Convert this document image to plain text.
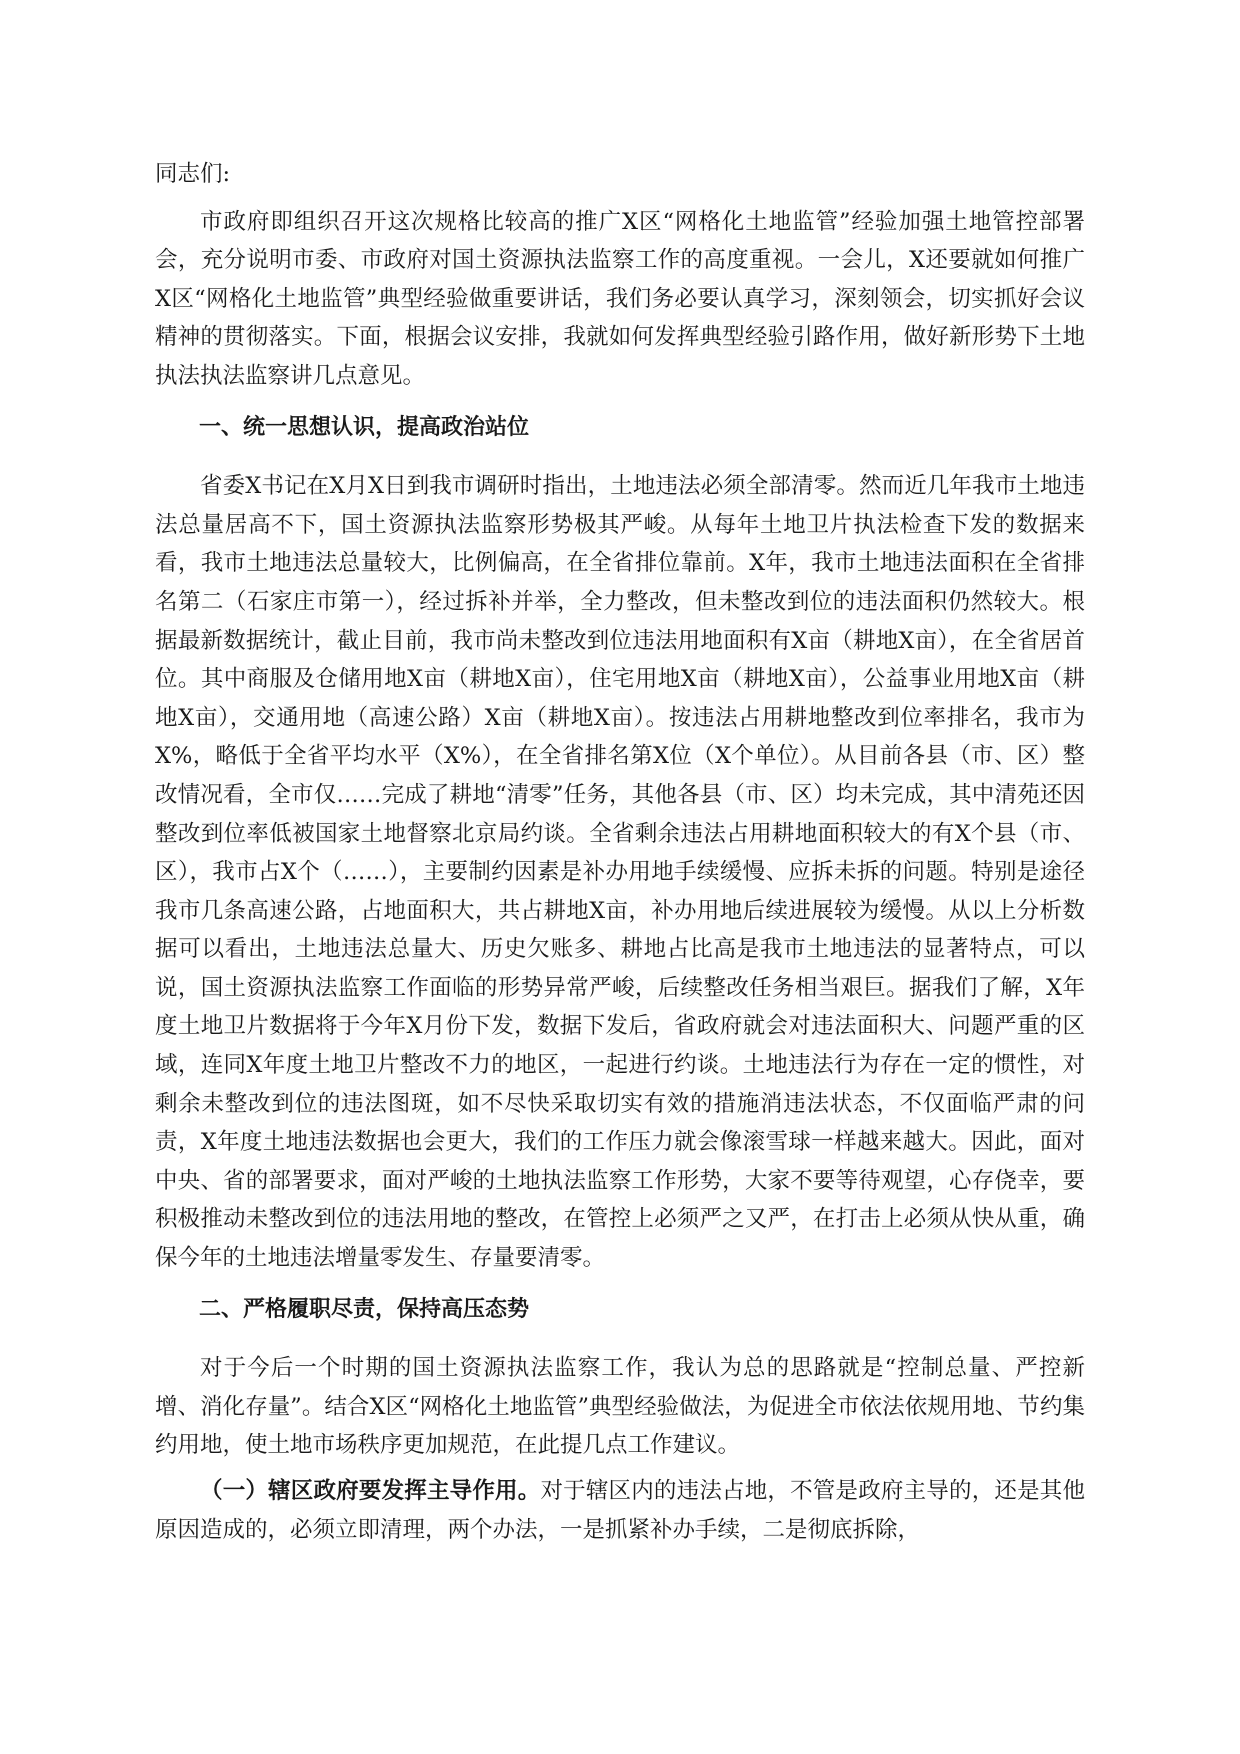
同志们:

市政府即组织召开这次规格比较高的推广X区“网格化土地监管”经验加强土地管控部署会，充分说明市委、市政府对国土资源执法监察工作的高度重视。一会儿，X还要就如何推广X区“网格化土地监管”典型经验做重要讲话，我们务必要认真学习，深刻领会，切实抓好会议精神的贯彻落实。下面，根据会议安排，我就如何发挥典型经验引路作用，做好新形势下土地执法执法监察讲几点意见。

一、统一思想认识，提高政治站位

省委X书记在X月X日到我市调研时指出，土地违法必须全部清零。然而近几年我市土地违法总量居高不下，国土资源执法监察形势极其严峻。从每年土地卫片执法检查下发的数据来看，我市土地违法总量较大，比例偏高，在全省排位靠前。X年，我市土地违法面积在全省排名第二（石家庄市第一），经过拆补并举，全力整改，但未整改到位的违法面积仍然较大。根据最新数据统计，截止目前，我市尚未整改到位违法用地面积有X亩（耕地X亩），在全省居首位。其中商服及仓储用地X亩（耕地X亩），住宅用地X亩（耕地X亩），公益事业用地X亩（耕地X亩），交通用地（高速公路）X亩（耕地X亩）。按违法占用耕地整改到位率排名，我市为X%，略低于全省平均水平（X%），在全省排名第X位（X个单位）。从目前各县（市、区）整改情况看，全市仅……完成了耕地“清零”任务，其他各县（市、区）均未完成，其中清苑还因整改到位率低被国家土地督察北京局约谈。全省剩余违法占用耕地面积较大的有X个县（市、区），我市占X个（……），主要制约因素是补办用地手续缓慢、应拆未拆的问题。特别是途径我市几条高速公路，占地面积大，共占耕地X亩，补办用地后续进展较为缓慢。从以上分析数据可以看出，土地违法总量大、历史欠账多、耕地占比高是我市土地违法的显著特点，可以说，国土资源执法监察工作面临的形势异常严峻，后续整改任务相当艰巨。据我们了解，X年度土地卫片数据将于今年X月份下发，数据下发后，省政府就会对违法面积大、问题严重的区域，连同X年度土地卫片整改不力的地区，一起进行约谈。土地违法行为存在一定的惯性，对剩余未整改到位的违法图斑，如不尽快采取切实有效的措施消违法状态，不仅面临严肃的问责，X年度土地违法数据也会更大，我们的工作压力就会像滚雪球一样越来越大。因此，面对中央、省的部署要求，面对严峻的土地执法监察工作形势，大家不要等待观望，心存侥幸，要积极推动未整改到位的违法用地的整改，在管控上必须严之又严，在打击上必须从快从重，确保今年的土地违法增量零发生、存量要清零。

二、严格履职尽责，保持高压态势

对于今后一个时期的国土资源执法监察工作，我认为总的思路就是“控制总量、严控新增、消化存量”。结合X区“网格化土地监管”典型经验做法，为促进全市依法依规用地、节约集约用地，使土地市场秩序更加规范，在此提几点工作建议。

（一）辖区政府要发挥主导作用。对于辖区内的违法占地，不管是政府主导的，还是其他原因造成的，必须立即清理，两个办法，一是抓紧补办手续，二是彻底拆除，
